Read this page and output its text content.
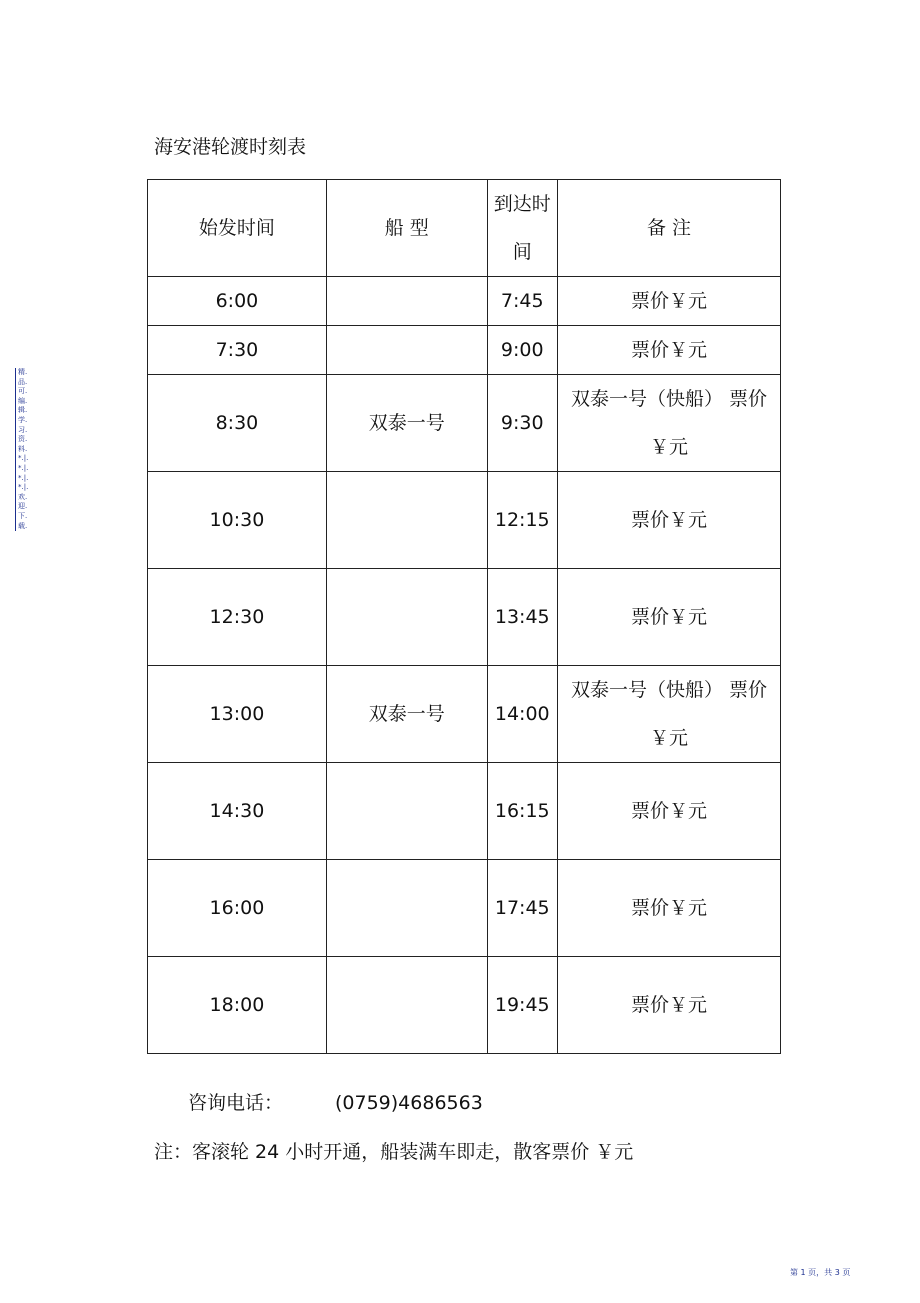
海安港轮渡时刻表
精.品.可.编.辑.学.习.资.料.*.|.*.|.*.|.*.|.欢.迎.下.载.
始发时间	船 型	到达时间	备 注
6:00		7:45	票价￥元
7:30		9:00	票价￥元
8:30	双泰一号	9:30	双泰一号（快船） 票价￥元
10:30		12:15	票价￥元
12:30		13:45	票价￥元
13:00	双泰一号	14:00	双泰一号（快船） 票价￥元
14:30		16:15	票价￥元
16:00		17:45	票价￥元
18:00		19:45	票价￥元
咨询电话：	(0759)4686563
注：客滚轮 24 小时开通，船装满车即走，散客票价 ￥元
第 1 页，共 3 页
